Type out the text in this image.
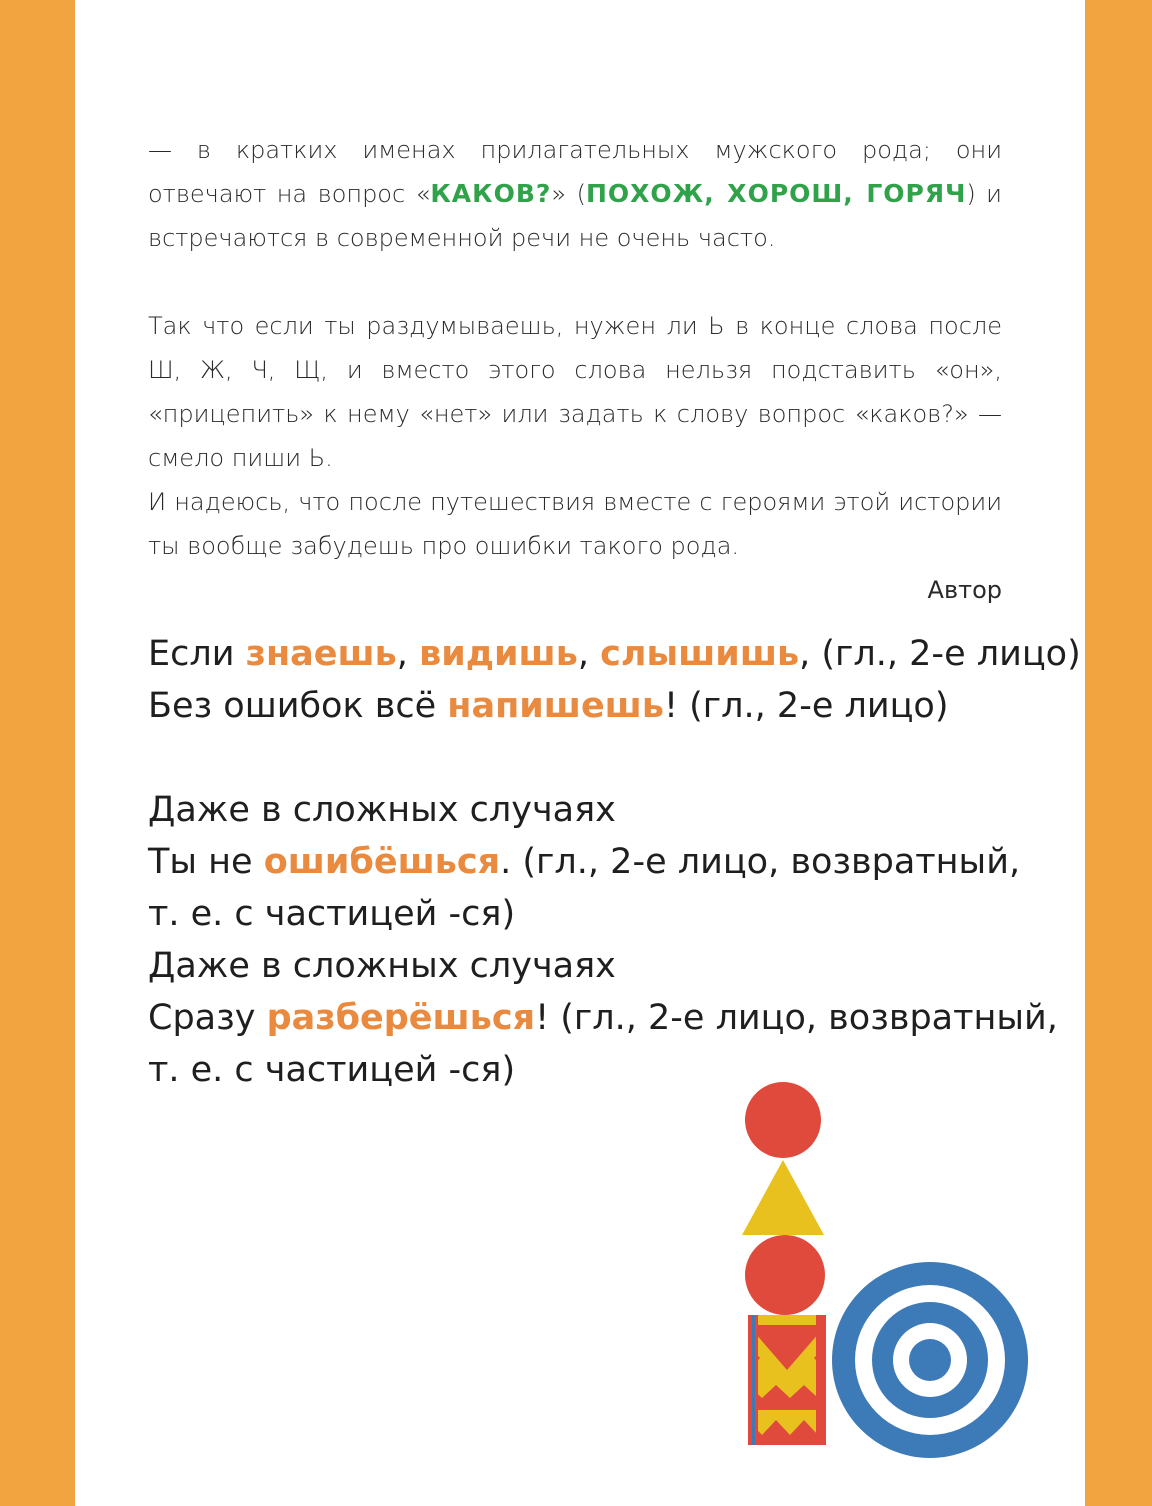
— в кратких именах прилагательных мужского рода; они отвечают на вопрос «КАКОВ?» (ПОХОЖ, ХОРОШ, ГОРЯЧ) и встречаются в современной речи не очень часто.

Так что если ты раздумываешь, нужен ли Ь в конце слова после Ш, Ж, Ч, Щ, и вместо этого слова нельзя подставить «он», «прицепить» к нему «нет» или задать к слову вопрос «каков?» — смело пиши Ь.

И надеюсь, что после путешествия вместе с героями этой истории ты вообще забудешь про ошибки такого рода.

Автор

Если знаешь, видишь, слышишь, (гл., 2-е лицо)
Без ошибок всё напишешь! (гл., 2-е лицо)
Даже в сложных случаях
Ты не ошибёшься. (гл., 2-е лицо, возвратный,
т. е. с частицей -ся)
Даже в сложных случаях
Сразу разберёшься! (гл., 2-е лицо, возвратный,
т. е. с частицей -ся)
